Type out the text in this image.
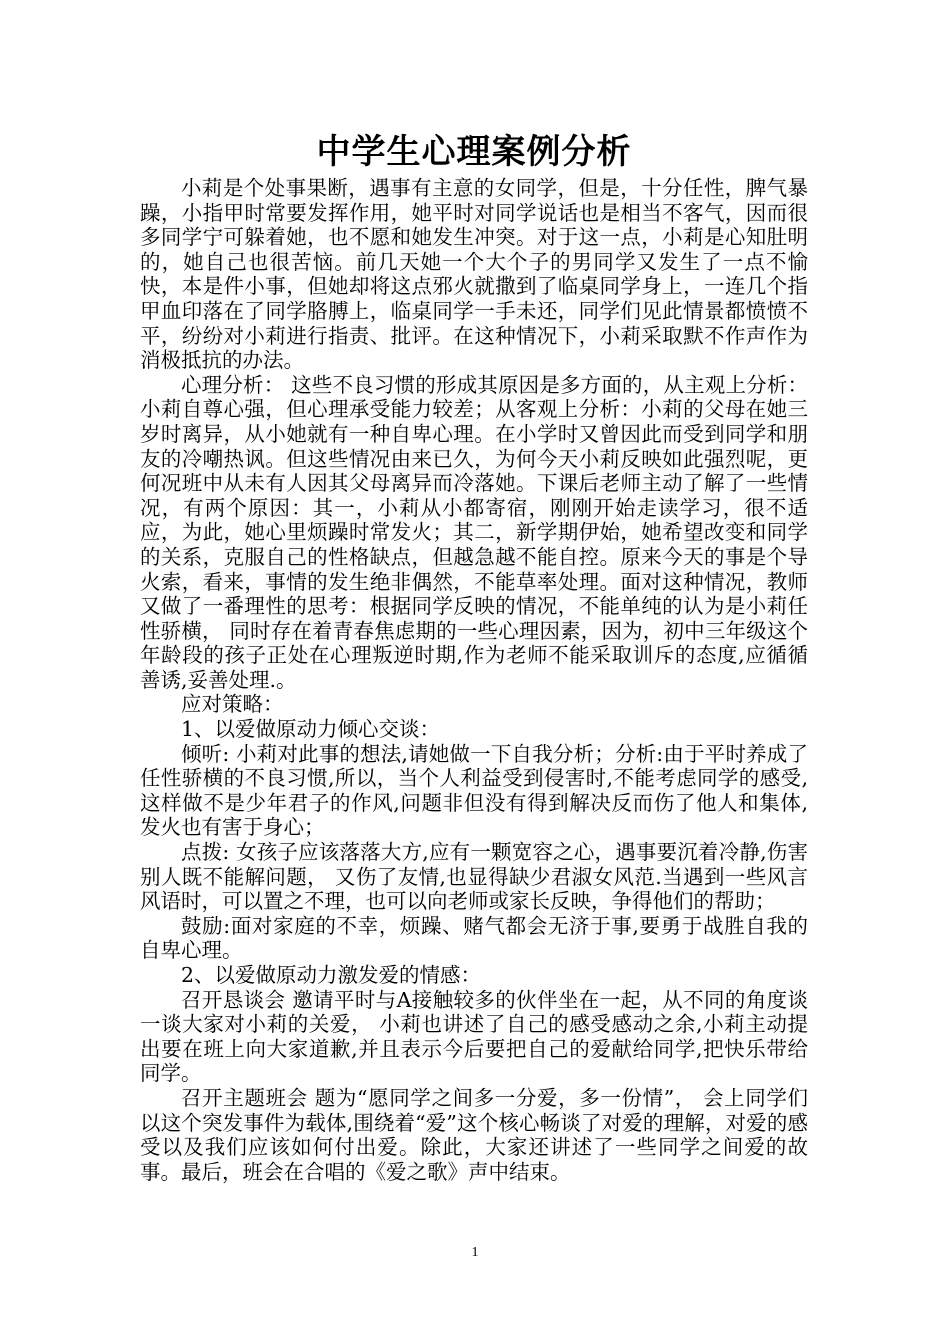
中学生心理案例分析

小莉是个处事果断，遇事有主意的女同学，但是，十分任性，脾气暴躁，小指甲时常要发挥作用，她平时对同学说话也是相当不客气，因而很多同学宁可躲着她，也不愿和她发生冲突。对于这一点，小莉是心知肚明的，她自己也很苦恼。前几天她一个大个子的男同学又发生了一点不愉快，本是件小事，但她却将这点邪火就撒到了临桌同学身上，一连几个指甲血印落在了同学胳膊上，临桌同学一手未还，同学们见此情景都愤愤不平，纷纷对小莉进行指责、批评。在这种情况下，小莉采取默不作声作为消极抵抗的办法。

心理分析： 这些不良习惯的形成其原因是多方面的，从主观上分析：小莉自尊心强，但心理承受能力较差；从客观上分析：小莉的父母在她三岁时离异，从小她就有一种自卑心理。在小学时又曾因此而受到同学和朋友的冷嘲热讽。但这些情况由来已久，为何今天小莉反映如此强烈呢，更何况班中从未有人因其父母离异而冷落她。下课后老师主动了解了一些情况，有两个原因：其一，小莉从小都寄宿，刚刚开始走读学习，很不适应，为此，她心里烦躁时常发火；其二，新学期伊始，她希望改变和同学的关系，克服自己的性格缺点，但越急越不能自控。原来今天的事是个导火索，看来，事情的发生绝非偶然，不能草率处理。面对这种情况，教师又做了一番理性的思考：根据同学反映的情况，不能单纯的认为是小莉任性骄横， 同时存在着青春焦虑期的一些心理因素，因为，初中三年级这个年龄段的孩子正处在心理叛逆时期,作为老师不能采取训斥的态度,应循循善诱,妥善处理.。

应对策略：

1、以爱做原动力倾心交谈：

倾听: 小莉对此事的想法,请她做一下自我分析；分析:由于平时养成了任性骄横的不良习惯,所以，当个人利益受到侵害时,不能考虑同学的感受,这样做不是少年君子的作风,问题非但没有得到解决反而伤了他人和集体,发火也有害于身心；

点拨: 女孩子应该落落大方,应有一颗宽容之心，遇事要沉着冷静,伤害别人既不能解问题， 又伤了友情,也显得缺少君淑女风范.当遇到一些风言风语时，可以置之不理，也可以向老师或家长反映，争得他们的帮助；

鼓励:面对家庭的不幸，烦躁、赌气都会无济于事,要勇于战胜自我的自卑心理。

2、以爱做原动力激发爱的情感：

召开恳谈会 邀请平时与A接触较多的伙伴坐在一起，从不同的角度谈一谈大家对小莉的关爱， 小莉也讲述了自己的感受感动之余,小莉主动提出要在班上向大家道歉,并且表示今后要把自己的爱献给同学,把快乐带给同学。

召开主题班会 题为“愿同学之间多一分爱，多一份情”， 会上同学们以这个突发事件为载体,围绕着“爱”这个核心畅谈了对爱的理解，对爱的感受以及我们应该如何付出爱。除此，大家还讲述了一些同学之间爱的故事。最后，班会在合唱的《爱之歌》声中结束。

1
